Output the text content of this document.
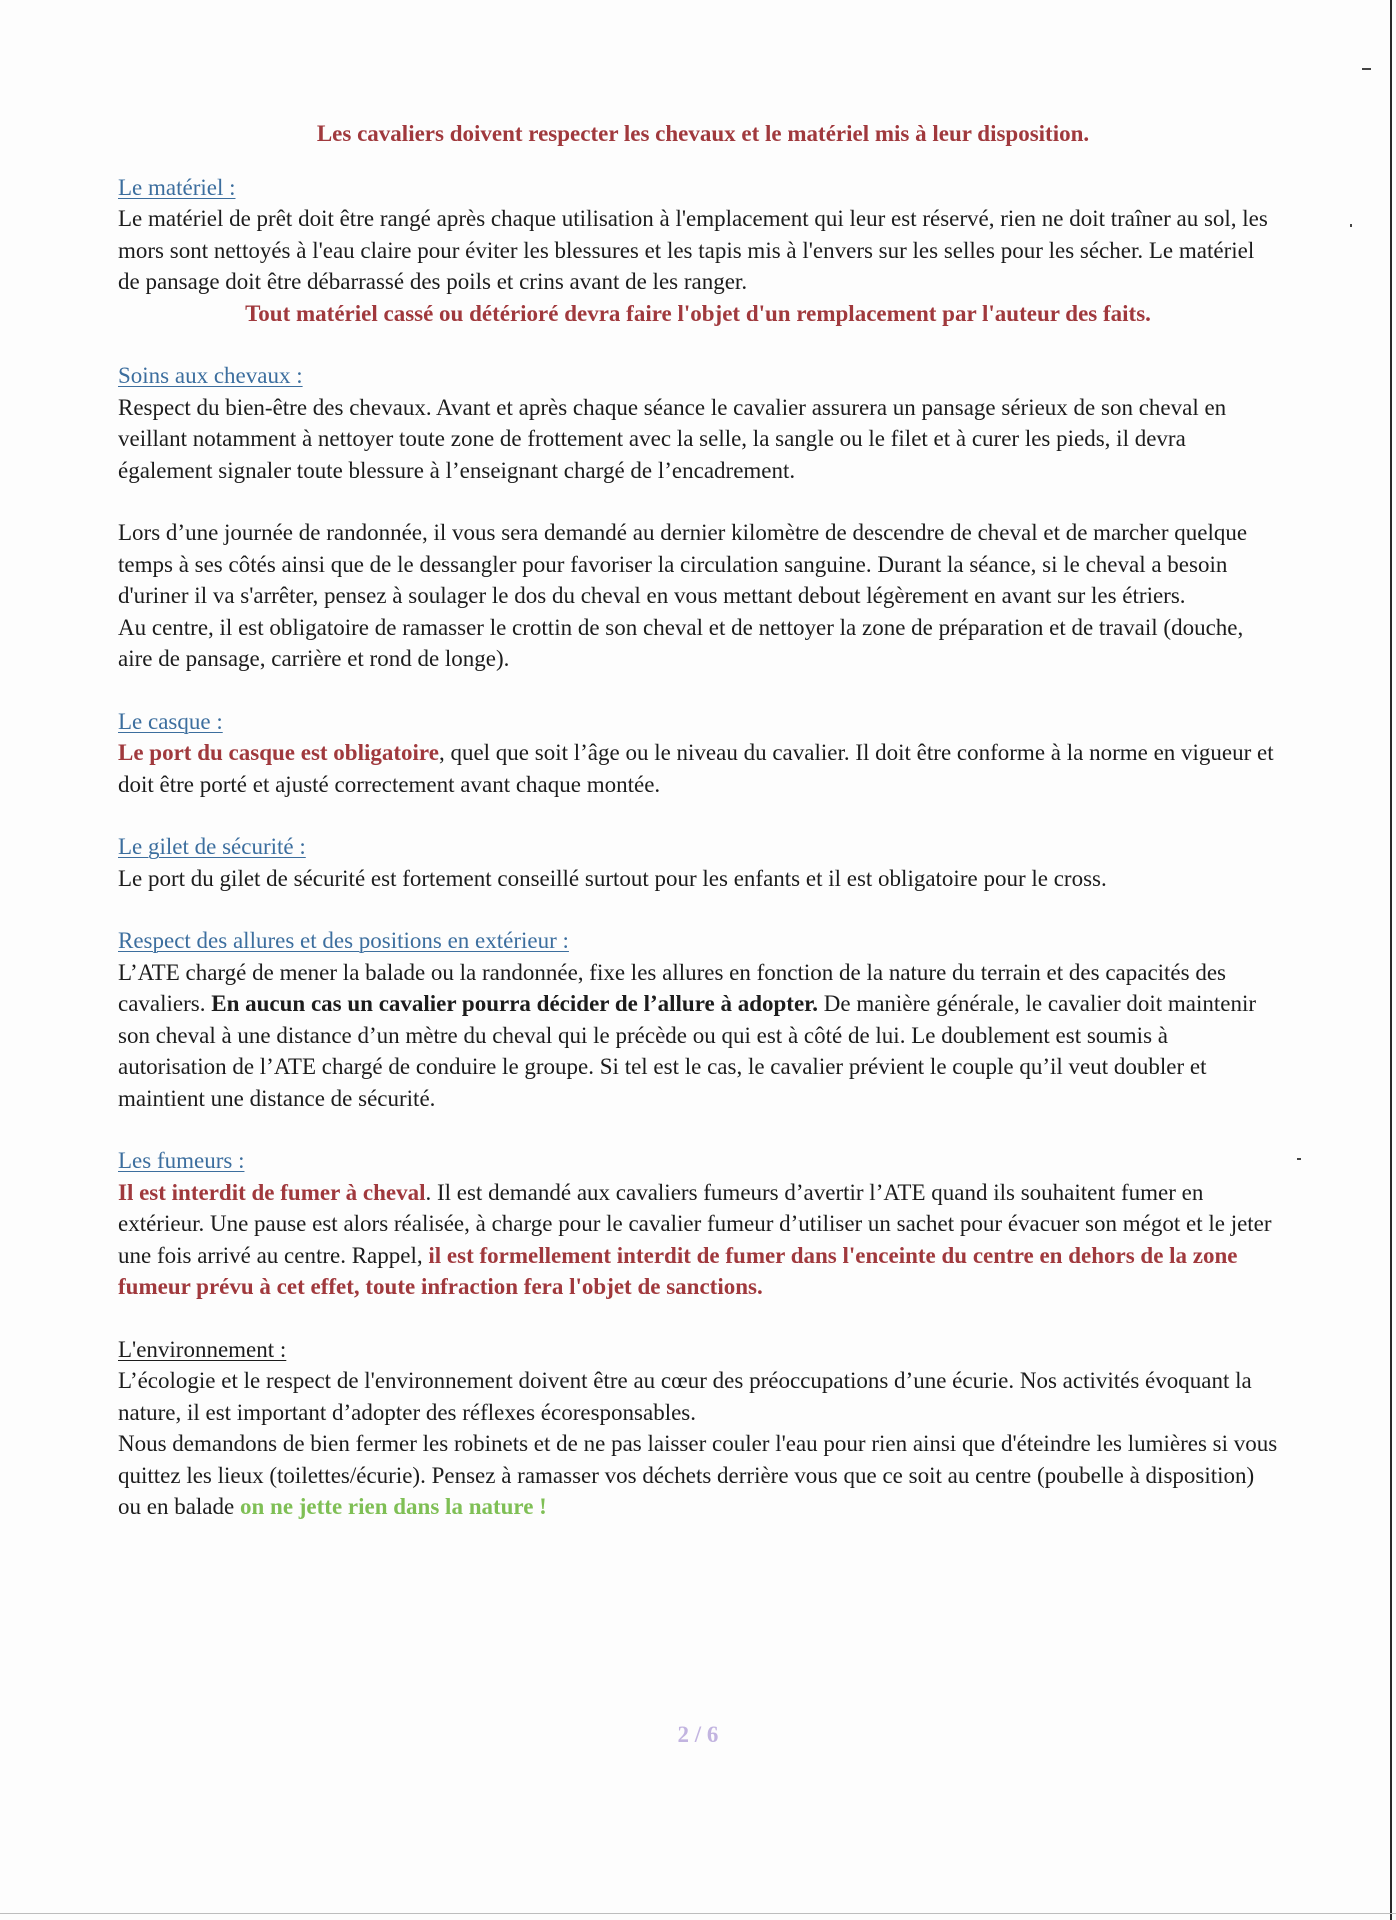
Les cavaliers doivent respecter les chevaux et le matériel mis à leur disposition.

Le matériel :

Le matériel de prêt doit être rangé après chaque utilisation à l'emplacement qui leur est réservé, rien ne doit traîner au sol, les mors sont nettoyés à l'eau claire pour éviter les blessures et les tapis mis à l'envers sur les selles pour les sécher. Le matériel de pansage doit être débarrassé des poils et crins avant de les ranger.

Tout matériel cassé ou détérioré devra faire l'objet d'un remplacement par l'auteur des faits.

Soins aux chevaux :

Respect du bien-être des chevaux. Avant et après chaque séance le cavalier assurera un pansage sérieux de son cheval en veillant notamment à nettoyer toute zone de frottement avec la selle, la sangle ou le filet et à curer les pieds, il devra également signaler toute blessure à l’enseignant chargé de l’encadrement.

Lors d’une journée de randonnée, il vous sera demandé au dernier kilomètre de descendre de cheval et de marcher quelque temps à ses côtés ainsi que de le dessangler pour favoriser la circulation sanguine. Durant la séance, si le cheval a besoin d'uriner il va s'arrêter, pensez à soulager le dos du cheval en vous mettant debout légèrement en avant sur les étriers.

Au centre, il est obligatoire de ramasser le crottin de son cheval et de nettoyer la zone de préparation et de travail (douche, aire de pansage, carrière et rond de longe).

Le casque :

Le port du casque est obligatoire, quel que soit l’âge ou le niveau du cavalier. Il doit être conforme à la norme en vigueur et doit être porté et ajusté correctement avant chaque montée.

Le gilet de sécurité :

Le port du gilet de sécurité est fortement conseillé surtout pour les enfants et il est obligatoire pour le cross.

Respect des allures et des positions en extérieur :

L’ATE chargé de mener la balade ou la randonnée, fixe les allures en fonction de la nature du terrain et des capacités des cavaliers. En aucun cas un cavalier pourra décider de l’allure à adopter. De manière générale, le cavalier doit maintenir son cheval à une distance d’un mètre du cheval qui le précède ou qui est à côté de lui. Le doublement est soumis à autorisation de l’ATE chargé de conduire le groupe. Si tel est le cas, le cavalier prévient le couple qu’il veut doubler et maintient une distance de sécurité.

Les fumeurs :

Il est interdit de fumer à cheval. Il est demandé aux cavaliers fumeurs d’avertir l’ATE quand ils souhaitent fumer en extérieur. Une pause est alors réalisée, à charge pour le cavalier fumeur d’utiliser un sachet pour évacuer son mégot et le jeter une fois arrivé au centre. Rappel, il est formellement interdit de fumer dans l'enceinte du centre en dehors de la zone fumeur prévu à cet effet, toute infraction fera l'objet de sanctions.

L'environnement :

L’écologie et le respect de l'environnement doivent être au cœur des préoccupations d’une écurie. Nos activités évoquant la nature, il est important d’adopter des réflexes écoresponsables.

Nous demandons de bien fermer les robinets et de ne pas laisser couler l'eau pour rien ainsi que d'éteindre les lumières si vous quittez les lieux (toilettes/écurie). Pensez à ramasser vos déchets derrière vous que ce soit au centre (poubelle à disposition) ou en balade on ne jette rien dans la nature !

2 / 6
